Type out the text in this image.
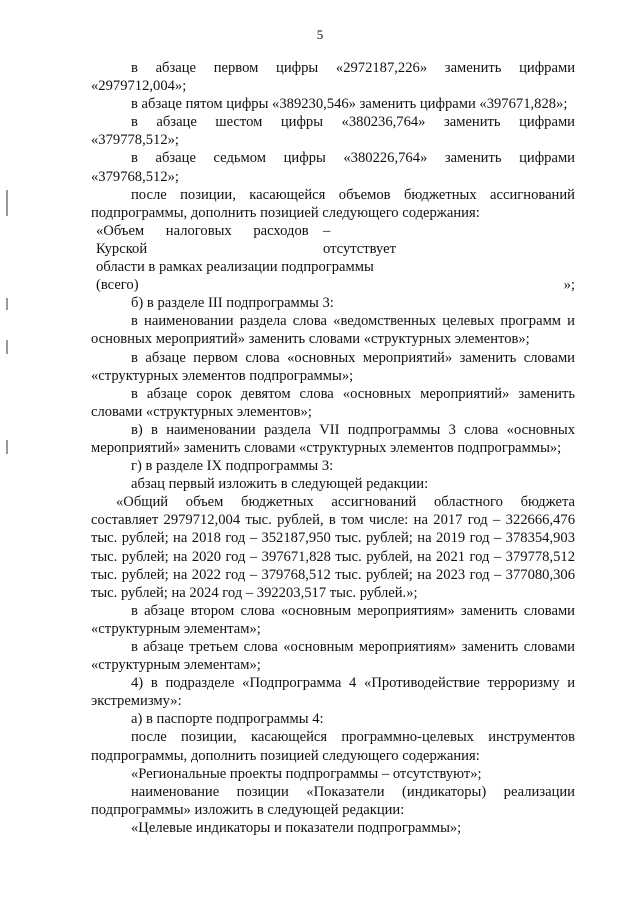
5

в абзаце первом цифры «2972187,226» заменить цифрами «2979712,004»;

в абзаце пятом цифры «389230,546» заменить цифрами «397671,828»;

в абзаце шестом цифры «380236,764» заменить цифрами «379778,512»;

в абзаце седьмом цифры «380226,764» заменить цифрами «379768,512»;

после позиции, касающейся объемов бюджетных ассигнований подпрограммы, дополнить позицией следующего содержания:

«Объем налоговых расходов Курской
– отсутствует
области в рамках реализации подпрограммы
(всего)	»;

б) в разделе III подпрограммы 3:

в наименовании раздела слова «ведомственных целевых программ и основных мероприятий» заменить словами «структурных элементов»;

в абзаце первом слова «основных мероприятий» заменить словами «структурных элементов подпрограммы»;

в абзаце сорок девятом слова «основных мероприятий» заменить словами «структурных элементов»;

в) в наименовании раздела VII подпрограммы 3 слова «основных мероприятий» заменить словами «структурных элементов подпрограммы»;

г) в разделе IX подпрограммы 3:

абзац первый изложить в следующей редакции:

«Общий объем бюджетных ассигнований областного бюджета составляет 2979712,004 тыс. рублей, в том числе: на 2017 год – 322666,476 тыс. рублей; на 2018 год – 352187,950 тыс. рублей; на 2019 год – 378354,903 тыс. рублей; на 2020 год – 397671,828 тыс. рублей, на 2021 год – 379778,512 тыс. рублей; на 2022 год – 379768,512 тыс. рублей; на 2023 год – 377080,306 тыс. рублей; на 2024 год – 392203,517 тыс. рублей.»;

в абзаце втором слова «основным мероприятиям» заменить словами «структурным элементам»;

в абзаце третьем слова «основным мероприятиям» заменить словами «структурным элементам»;

4) в подразделе «Подпрограмма 4 «Противодействие терроризму и экстремизму»:

а) в паспорте подпрограммы 4:

после позиции, касающейся программно-целевых инструментов подпрограммы, дополнить позицией следующего содержания:

«Региональные проекты подпрограммы – отсутствуют»;

наименование позиции «Показатели (индикаторы) реализации подпрограммы» изложить в следующей редакции:

«Целевые индикаторы и показатели подпрограммы»;
